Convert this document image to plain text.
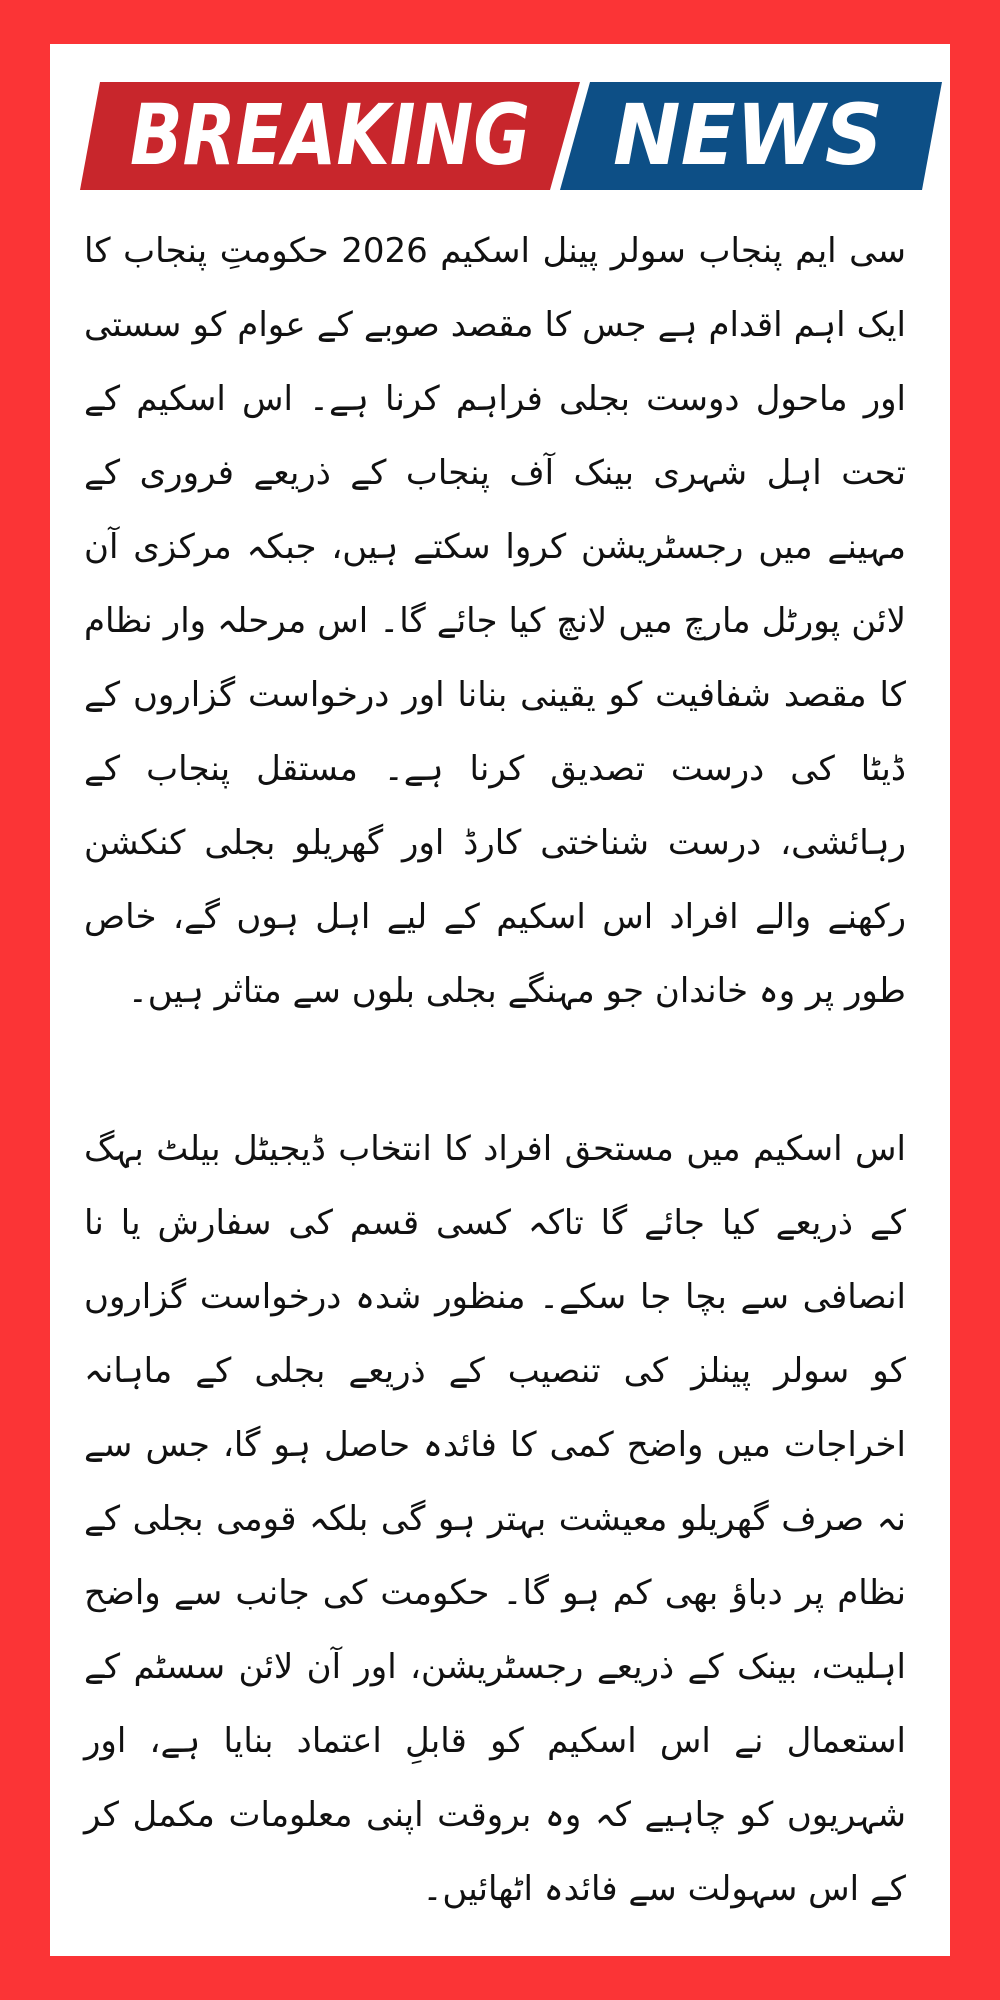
BREAKING NEWS

سی ایم پنجاب سولر پینل اسکیم 2026 حکومتِ پنجاب کا ایک اہم اقدام ہے جس کا مقصد صوبے کے عوام کو سستی اور ماحول دوست بجلی فراہم کرنا ہے۔ اس اسکیم کے تحت اہل شہری بینک آف پنجاب کے ذریعے فروری کے مہینے میں رجسٹریشن کروا سکتے ہیں، جبکہ مرکزی آن لائن پورٹل مارچ میں لانچ کیا جائے گا۔ اس مرحلہ وار نظام کا مقصد شفافیت کو یقینی بنانا اور درخواست گزاروں کے ڈیٹا کی درست تصدیق کرنا ہے۔ مستقل پنجاب کے رہائشی، درست شناختی کارڈ اور گھریلو بجلی کنکشن رکھنے والے افراد اس اسکیم کے لیے اہل ہوں گے، خاص طور پر وہ خاندان جو مہنگے بجلی بلوں سے متاثر ہیں۔

اس اسکیم میں مستحق افراد کا انتخاب ڈیجیٹل بیلٹ بہگ کے ذریعے کیا جائے گا تاکہ کسی قسم کی سفارش یا نا انصافی سے بچا جا سکے۔ منظور شدہ درخواست گزاروں کو سولر پینلز کی تنصیب کے ذریعے بجلی کے ماہانہ اخراجات میں واضح کمی کا فائدہ حاصل ہو گا، جس سے نہ صرف گھریلو معیشت بہتر ہو گی بلکہ قومی بجلی کے نظام پر دباؤ بھی کم ہو گا۔ حکومت کی جانب سے واضح اہلیت، بینک کے ذریعے رجسٹریشن، اور آن لائن سسٹم کے استعمال نے اس اسکیم کو قابلِ اعتماد بنایا ہے، اور شہریوں کو چاہیے کہ وہ بروقت اپنی معلومات مکمل کر کے اس سہولت سے فائدہ اٹھائیں۔
